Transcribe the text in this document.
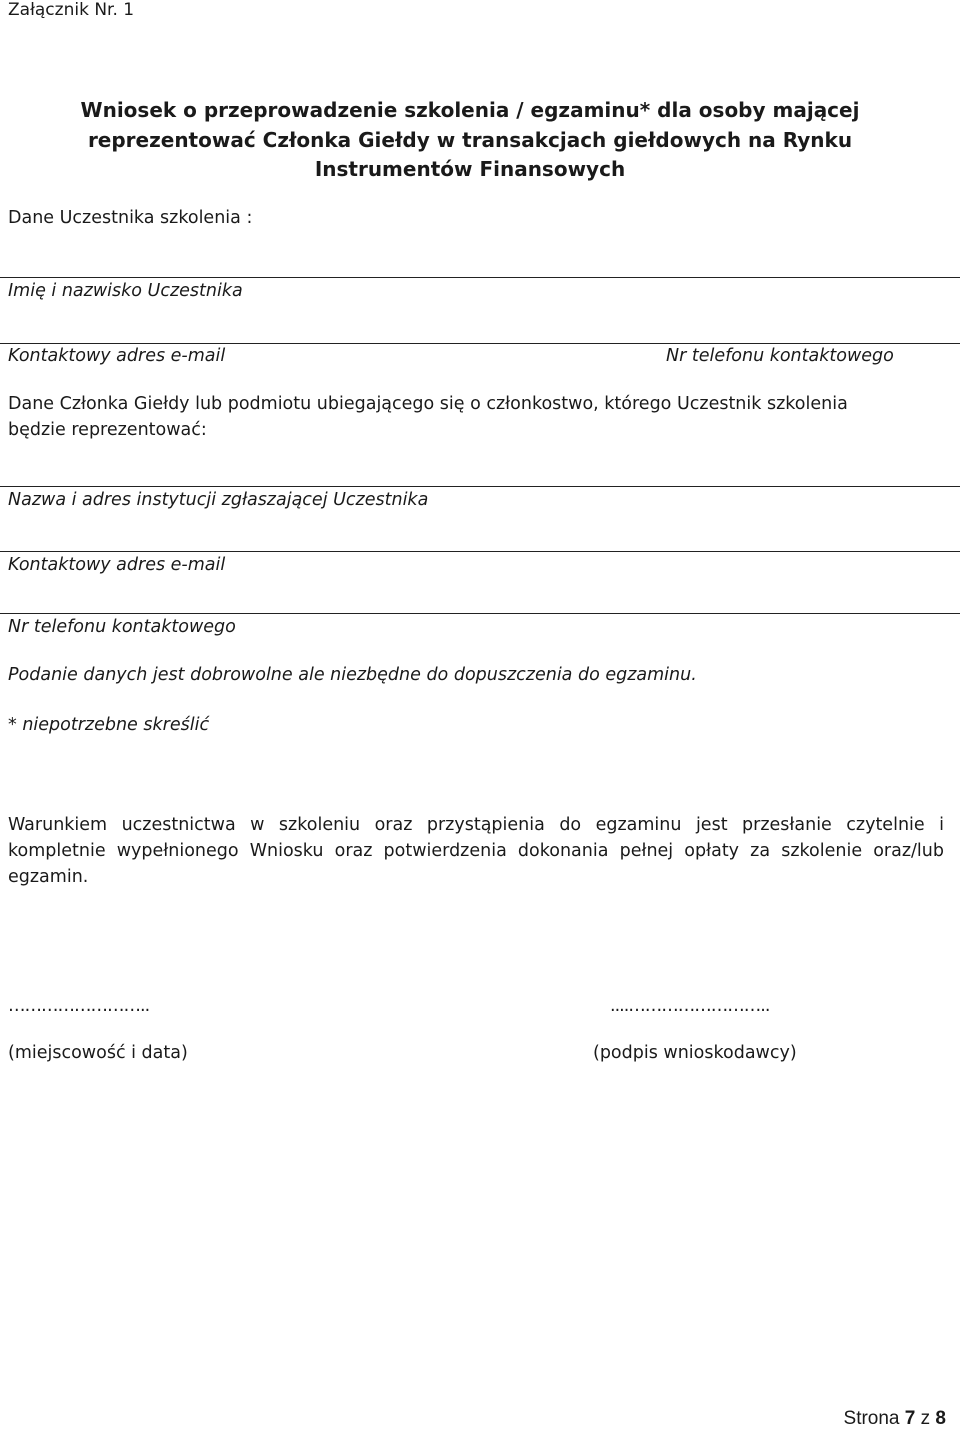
Załącznik Nr. 1
Wniosek o przeprowadzenie szkolenia / egzaminu* dla osoby mającej
reprezentować Członka Giełdy w transakcjach giełdowych na Rynku
Instrumentów Finansowych
Dane Uczestnika szkolenia :
Imię i nazwisko Uczestnika
Kontaktowy adres e-mail	Nr telefonu kontaktowego
Dane Członka Giełdy lub podmiotu ubiegającego się o członkostwo, którego Uczestnik szkolenia
będzie reprezentować:
Nazwa i adres instytucji zgłaszającej Uczestnika
Kontaktowy adres e-mail
Nr telefonu kontaktowego
Podanie danych jest dobrowolne ale niezbędne do dopuszczenia do egzaminu.
* niepotrzebne skreślić
Warunkiem uczestnictwa w szkoleniu oraz przystąpienia do egzaminu jest przesłanie czytelnie i kompletnie wypełnionego Wniosku oraz potwierdzenia dokonania pełnej opłaty za szkolenie oraz/lub egzamin.
……………………..	....……………………..
(miejscowość i data)	(podpis wnioskodawcy)
Strona 7 z 8
